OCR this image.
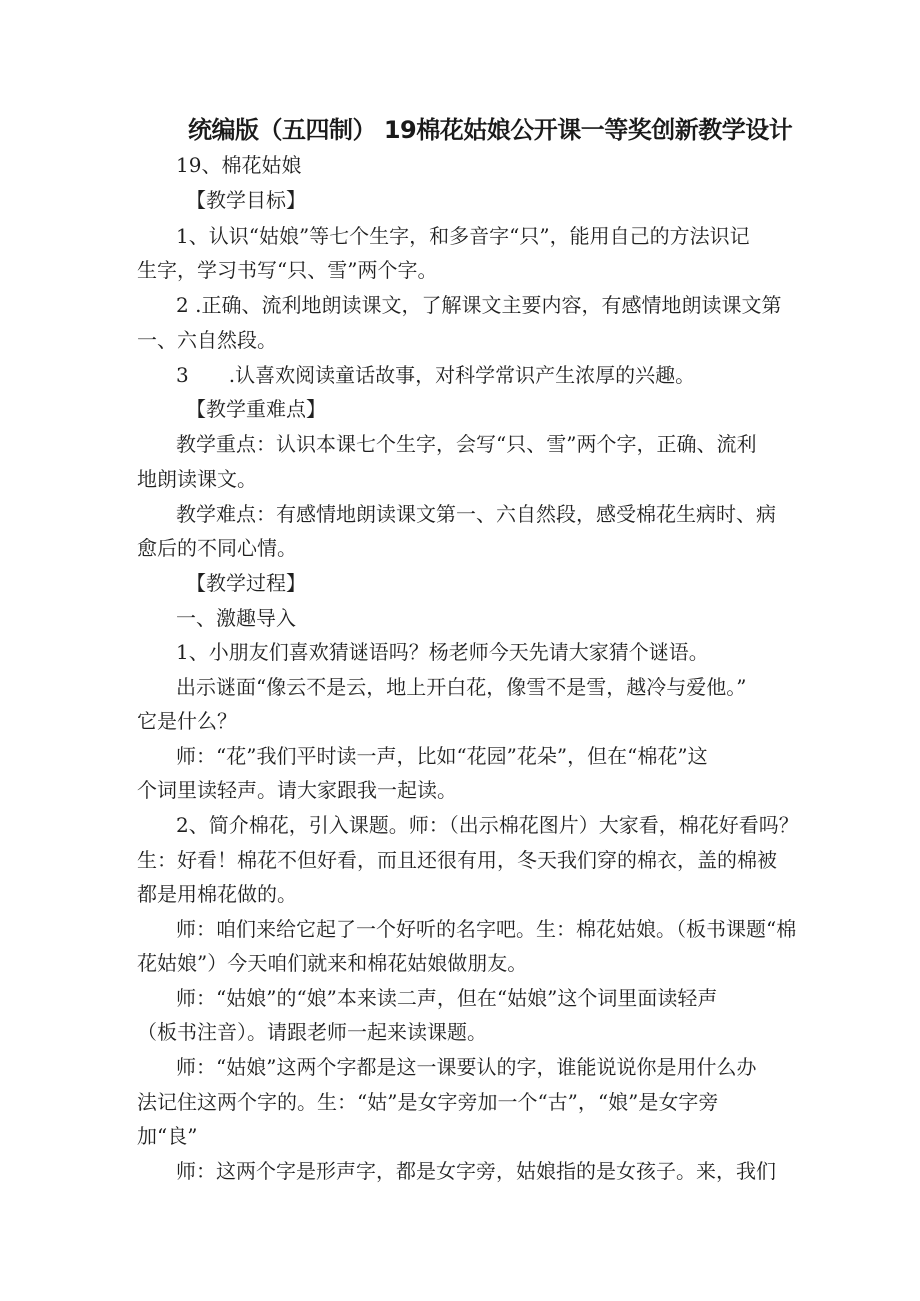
统编版（五四制） 19棉花姑娘公开课一等奖创新教学设计
19、棉花姑娘
【教学目标】
1、认识“姑娘”等七个生字，和多音字“只”，能用自己的方法识记
生字，学习书写“只、雪”两个字。
2 .正确、流利地朗读课文，了解课文主要内容，有感情地朗读课文第
一、六自然段。
3　　.认喜欢阅读童话故事，对科学常识产生浓厚的兴趣。
【教学重难点】
教学重点：认识本课七个生字，会写“只、雪”两个字，正确、流利
地朗读课文。
教学难点：有感情地朗读课文第一、六自然段，感受棉花生病时、病
愈后的不同心情。
【教学过程】
一、激趣导入
1、小朋友们喜欢猜谜语吗？杨老师今天先请大家猜个谜语。
出示谜面“像云不是云，地上开白花，像雪不是雪，越冷与爱他。”
它是什么？
师：“花”我们平时读一声，比如“花园”花朵”，但在“棉花”这
个词里读轻声。请大家跟我一起读。
2、简介棉花，引入课题。师：（出示棉花图片）大家看，棉花好看吗？
生：好看！棉花不但好看，而且还很有用，冬天我们穿的棉衣，盖的棉被
都是用棉花做的。
师：咱们来给它起了一个好听的名字吧。生：棉花姑娘。（板书课题“棉
花姑娘”）今天咱们就来和棉花姑娘做朋友。
师：“姑娘”的“娘”本来读二声，但在“姑娘”这个词里面读轻声
（板书注音）。请跟老师一起来读课题。
师：“姑娘”这两个字都是这一课要认的字，谁能说说你是用什么办
法记住这两个字的。生：“姑”是女字旁加一个“古”，“娘”是女字旁
加“良”
师：这两个字是形声字，都是女字旁，姑娘指的是女孩子。来，我们
